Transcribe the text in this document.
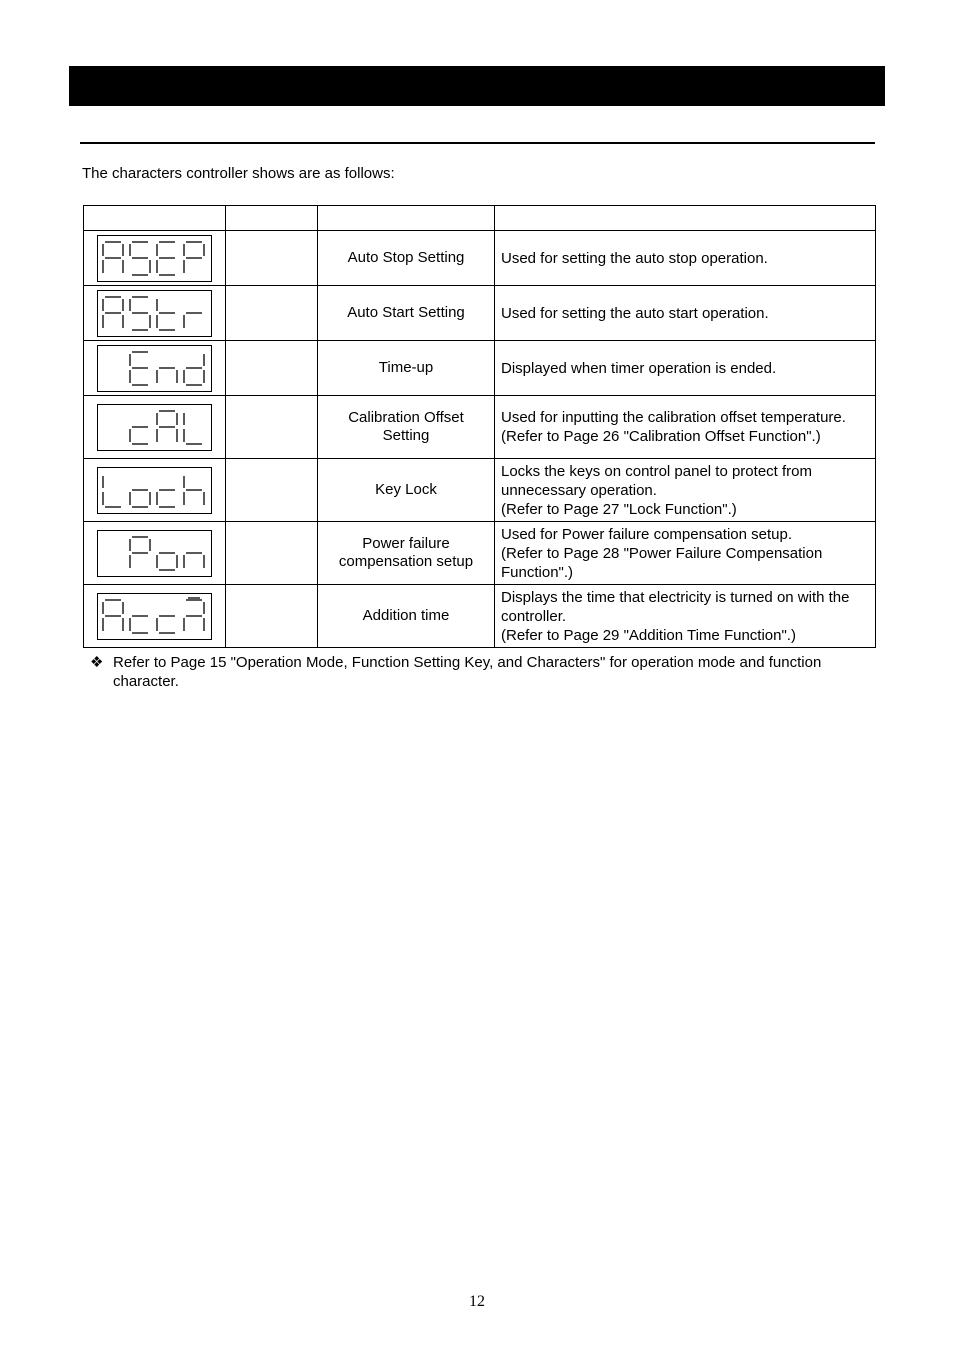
The characters controller shows are as follows:

		Auto Stop Setting	Used for setting the auto stop operation.

		Auto Start Setting	Used for setting the auto start operation.

		Time-up	Displayed when timer operation is ended.

		Calibration Offset Setting	Used for inputting the calibration offset temperature.
(Refer to Page 26 "Calibration Offset Function".)

		Key Lock	Locks the keys on control panel to protect from unnecessary operation.
(Refer to Page 27 "Lock Function".)

		Power failure compensation setup	Used for Power failure compensation setup.
(Refer to Page 28 "Power Failure Compensation Function".)

		Addition time	Displays the time that electricity is turned on with the controller.
(Refer to Page 29 "Addition Time Function".)
❖ Refer to Page 15 "Operation Mode, Function Setting Key, and Characters" for operation mode and function character.
12
